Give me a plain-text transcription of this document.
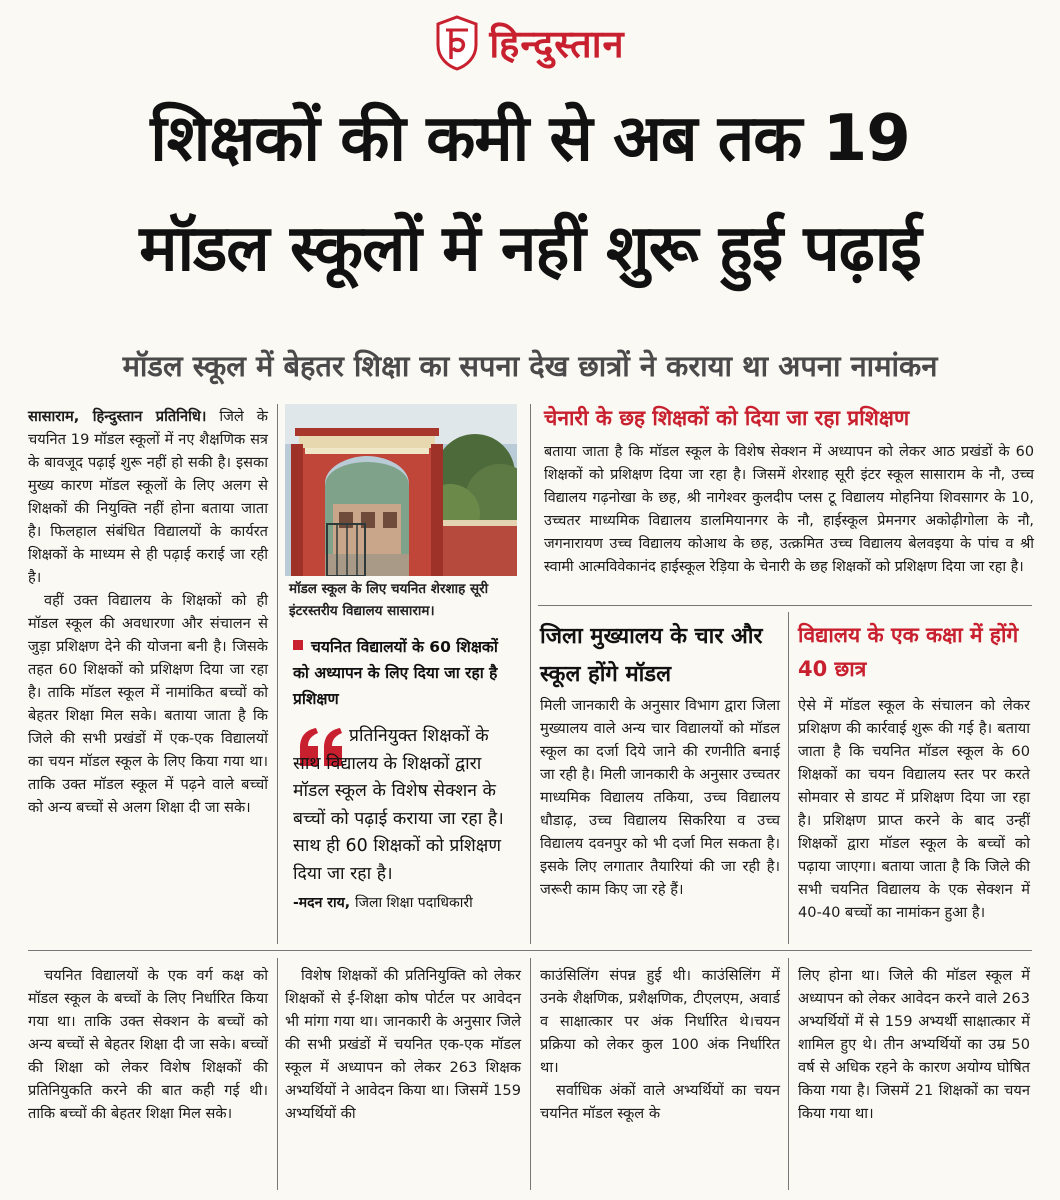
हिन्दुस्तान
शिक्षकों की कमी से अब तक 19
मॉडल स्कूलों में नहीं शुरू हुई पढ़ाई
मॉडल स्कूल में बेहतर शिक्षा का सपना देख छात्रों ने कराया था अपना नामांकन

सासाराम, हिन्दुस्तान प्रतिनिधि। जिले के चयनित 19 मॉडल स्कूलों में नए शैक्षणिक सत्र के बावजूद पढ़ाई शुरू नहीं हो सकी है। इसका मुख्य कारण मॉडल स्कूलों के लिए अलग से शिक्षकों की नियुक्ति नहीं होना बताया जाता है। फिलहाल संबंधित विद्यालयों के कार्यरत शिक्षकों के माध्यम से ही पढ़ाई कराई जा रही है।

वहीं उक्त विद्यालय के शिक्षकों को ही मॉडल स्कूल की अवधारणा और संचालन से जुड़ा प्रशिक्षण देने की योजना बनी है। जिसके तहत 60 शिक्षकों को प्रशिक्षण दिया जा रहा है। ताकि मॉडल स्कूल में नामांकित बच्चों को बेहतर शिक्षा मिल सके। बताया जाता है कि जिले की सभी प्रखंडों में एक-एक विद्यालयों का चयन मॉडल स्कूल के लिए किया गया था। ताकि उक्त मॉडल स्कूल में पढ़ने वाले बच्चों को अन्य बच्चों से अलग शिक्षा दी जा सके।

मॉडल स्कूल के लिए चयनित शेरशाह सूरी इंटरस्तरीय विद्यालय सासाराम।
चयनित विद्यालयों के 60 शिक्षकों को अध्यापन के लिए दिया जा रहा है प्रशिक्षण
प्रतिनियुक्त शिक्षकों के साथ विद्यालय के शिक्षकों द्वारा मॉडल स्कूल के विशेष सेक्शन के बच्चों को पढ़ाई कराया जा रहा है। साथ ही 60 शिक्षकों को प्रशिक्षण दिया जा रहा है।
-मदन राय, जिला शिक्षा पदाधिकारी
चेनारी के छह शिक्षकों को दिया जा रहा प्रशिक्षण
बताया जाता है कि मॉडल स्कूल के विशेष सेक्शन में अध्यापन को लेकर आठ प्रखंडों के 60 शिक्षकों को प्रशिक्षण दिया जा रहा है। जिसमें शेरशाह सूरी इंटर स्कूल सासाराम के नौ, उच्च विद्यालय गढ़नोखा के छह, श्री नागेश्वर कुलदीप प्लस टू विद्यालय मोहनिया शिवसागर के 10, उच्चतर माध्यमिक विद्यालय डालमियानगर के नौ, हाईस्कूल प्रेमनगर अकोढ़ीगोला के नौ, जगनारायण उच्च विद्यालय कोआथ के छह, उत्क्रमित उच्च विद्यालय बेलवइया के पांच व श्री स्वामी आत्मविवेकानंद हाईस्कूल रेड़िया के चेनारी के छह शिक्षकों को प्रशिक्षण दिया जा रहा है।
जिला मुख्यालय के चार और स्कूल होंगे मॉडल

मिली जानकारी के अनुसार विभाग द्वारा जिला मुख्यालय वाले अन्य चार विद्यालयों को मॉडल स्कूल का दर्जा दिये जाने की रणनीति बनाई जा रही है। मिली जानकारी के अनुसार उच्चतर माध्यमिक विद्यालय तकिया, उच्च विद्यालय धौडाढ़, उच्च विद्यालय सिकरिया व उच्च विद्यालय दवनपुर को भी दर्जा मिल सकता है। इसके लिए लगातार तैयारियां की जा रही है। जरूरी काम किए जा रहे हैं।

विद्यालय के एक कक्षा में होंगे 40 छात्र

ऐसे में मॉडल स्कूल के संचालन को लेकर प्रशिक्षण की कार्रवाई शुरू की गई है। बताया जाता है कि चयनित मॉडल स्कूल के 60 शिक्षकों का चयन विद्यालय स्तर पर करते सोमवार से डायट में प्रशिक्षण दिया जा रहा है। प्रशिक्षण प्राप्त करने के बाद उन्हीं शिक्षकों द्वारा मॉडल स्कूल के बच्चों को पढ़ाया जाएगा। बताया जाता है कि जिले की सभी चयनित विद्यालय के एक सेक्शन में 40-40 बच्चों का नामांकन हुआ है।

चयनित विद्यालयों के एक वर्ग कक्ष को मॉडल स्कूल के बच्चों के लिए निर्धारित किया गया था। ताकि उक्त सेक्शन के बच्चों को अन्य बच्चों से बेहतर शिक्षा दी जा सके। बच्चों की शिक्षा को लेकर विशेष शिक्षकों की प्रतिनियुकति करने की बात कही गई थी। ताकि बच्चों की बेहतर शिक्षा मिल सके।

विशेष शिक्षकों की प्रतिनियुक्ति को लेकर शिक्षकों से ई-शिक्षा कोष पोर्टल पर आवेदन भी मांगा गया था। जानकारी के अनुसार जिले की सभी प्रखंडों में चयनित एक-एक मॉडल स्कूल में अध्यापन को लेकर 263 शिक्षक अभ्यर्थियों ने आवेदन किया था। जिसमें 159 अभ्यर्थियों की

काउंसिलिंग संपन्न हुई थी। काउंसिलिंग में उनके शैक्षणिक, प्रशैक्षणिक, टीएलएम, अवार्ड व साक्षात्कार पर अंक निर्धारित थे।चयन प्रक्रिया को लेकर कुल 100 अंक निर्धारित था।

सर्वाधिक अंकों वाले अभ्यर्थियों का चयन चयनित मॉडल स्कूल के

लिए होना था। जिले की मॉडल स्कूल में अध्यापन को लेकर आवेदन करने वाले 263 अभ्यर्थियों में से 159 अभ्यर्थी साक्षात्कार में शामिल हुए थे। तीन अभ्यर्थियों का उम्र 50 वर्ष से अधिक रहने के कारण अयोग्य घोषित किया गया है। जिसमें 21 शिक्षकों का चयन किया गया था।
